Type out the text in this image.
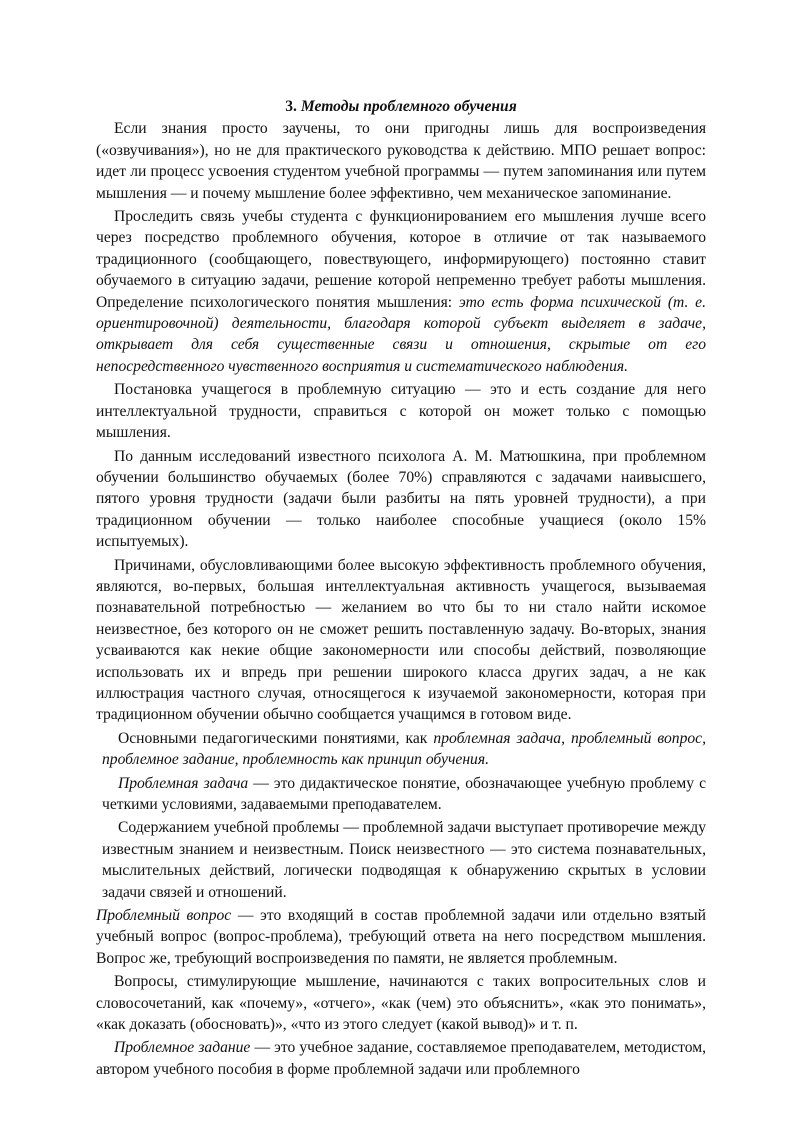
3. Методы проблемного обучения

Если знания просто заучены, то они пригодны лишь для воспроизведения («озвучивания»), но не для практического руководства к действию. МПО решает вопрос: идет ли процесс усвоения студентом учебной программы — путем запоминания или путем мышления — и почему мышление более эффективно, чем механическое запоминание.

Проследить связь учебы студента с функционированием его мышления лучше всего через посредство проблемного обучения, которое в отличие от так называемого традиционного (сообщающего, повествующего, информирующего) постоянно ставит обучаемого в ситуацию задачи, решение которой непременно требует работы мышления. Определение психологического понятия мышления: это есть форма психической (т. е. ориентировочной) деятельности, благодаря которой субъект выделяет в задаче, открывает для себя существенные связи и отношения, скрытые от его непосредственного чувственного восприятия и систематического наблюдения.

Постановка учащегося в проблемную ситуацию — это и есть создание для него интеллектуальной трудности, справиться с которой он может только с помощью мышления.

По данным исследований известного психолога А. М. Матюшкина, при проблемном обучении большинство обучаемых (более 70%) справляются с задачами наивысшего, пятого уровня трудности (задачи были разбиты на пять уровней трудности), а при традиционном обучении — только наиболее способные учащиеся (около 15% испытуемых).

Причинами, обусловливающими более высокую эффективность проблемного обучения, являются, во-первых, большая интеллектуальная активность учащегося, вызываемая познавательной потребностью — желанием во что бы то ни стало найти искомое неизвестное, без которого он не сможет решить поставленную задачу. Во-вторых, знания усваиваются как некие общие закономерности или способы действий, позволяющие использовать их и впредь при решении широкого класса других задач, а не как иллюстрация частного случая, относящегося к изучаемой закономерности, которая при традиционном обучении обычно сообщается учащимся в готовом виде.

Основными педагогическими понятиями, как проблемная задача, проблемный вопрос, проблемное задание, проблемность как принцип обучения.

Проблемная задача — это дидактическое понятие, обозначающее учебную проблему с четкими условиями, задаваемыми преподавателем.

Содержанием учебной проблемы — проблемной задачи выступает противоречие между известным знанием и неизвестным. Поиск неизвестного — это система познавательных, мыслительных действий, логически подводящая к обнаружению скрытых в условии задачи связей и отношений.

Проблемный вопрос — это входящий в состав проблемной задачи или отдельно взятый учебный вопрос (вопрос-проблема), требующий ответа на него посредством мышления. Вопрос же, требующий воспроизведения по памяти, не является проблемным.

Вопросы, стимулирующие мышление, начинаются с таких вопросительных слов и словосочетаний, как «почему», «отчего», «как (чем) это объяснить», «как это понимать», «как доказать (обосновать)», «что из этого следует (какой вывод)» и т. п.

Проблемное задание — это учебное задание, составляемое преподавателем, методистом, автором учебного пособия в форме проблемной задачи или проблемного
